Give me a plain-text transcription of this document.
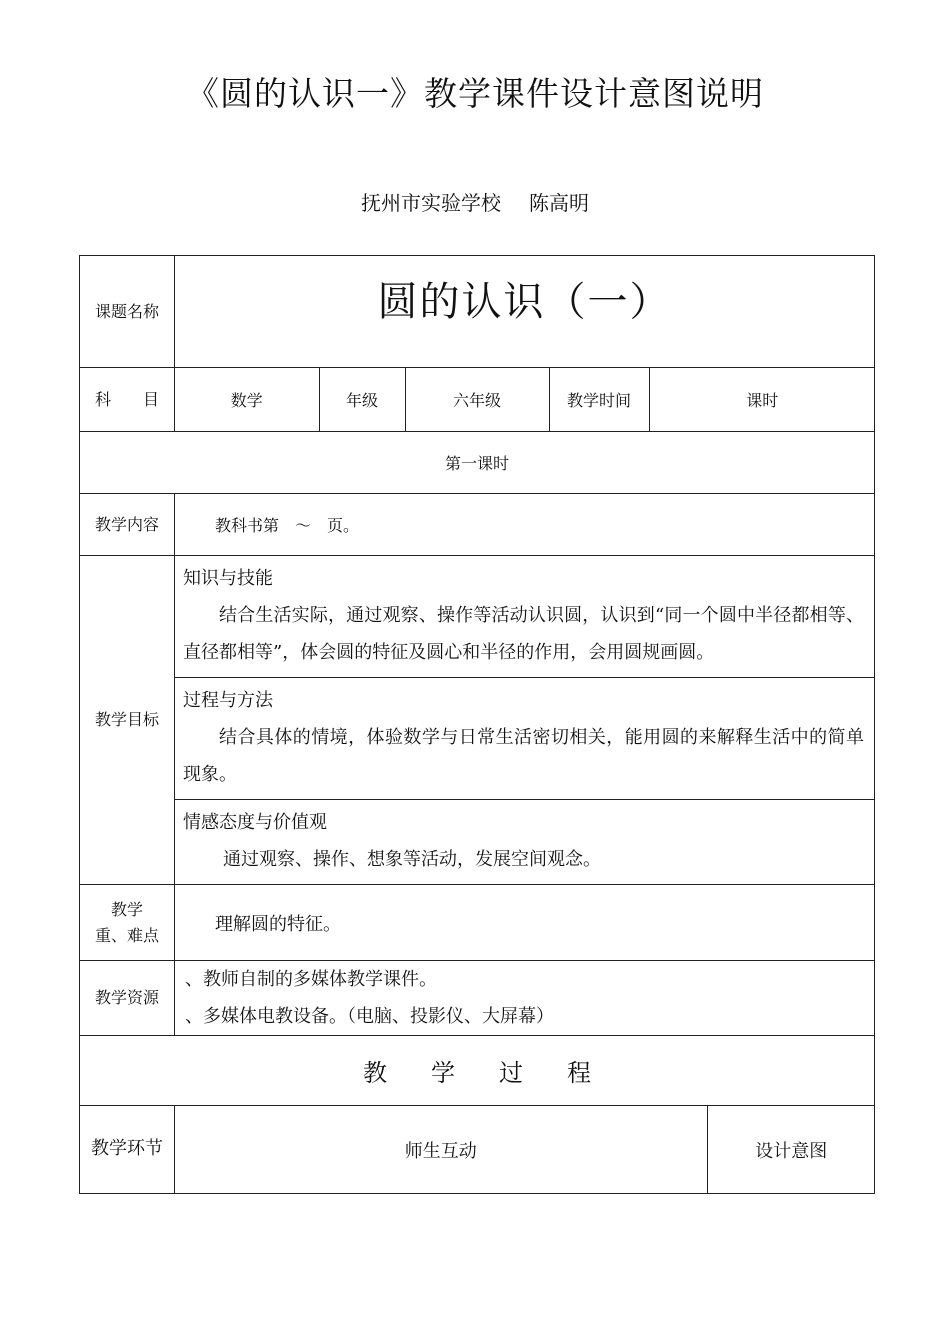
《圆的认识一》教学课件设计意图说明
抚州市实验学校 陈高明
课题名称	圆的认识（一）
科　　目		数学	年级	六年级	教学时间	课时

第一课时
教学内容	教科书第　～　页。
教学目标	
知识与技能
结合生活实际，通过观察、操作等活动认识圆，认识到“同一个圆中半径都相等、直径都相等”，体会圆的特征及圆心和半径的作用，会用圆规画圆。

过程与方法
结合具体的情境，体验数学与日常生活密切相关，能用圆的来解释生活中的简单现象。

情感态度与价值观
通过观察、操作、想象等活动，发展空间观念。

教学
重、难点
	理解圆的特征。
教学资源	
、教师自制的多媒体教学课件。
、多媒体电教设备。（电脑、投影仪、大屏幕）

教 学 过 程
教学环节		师生互动	设计意图
